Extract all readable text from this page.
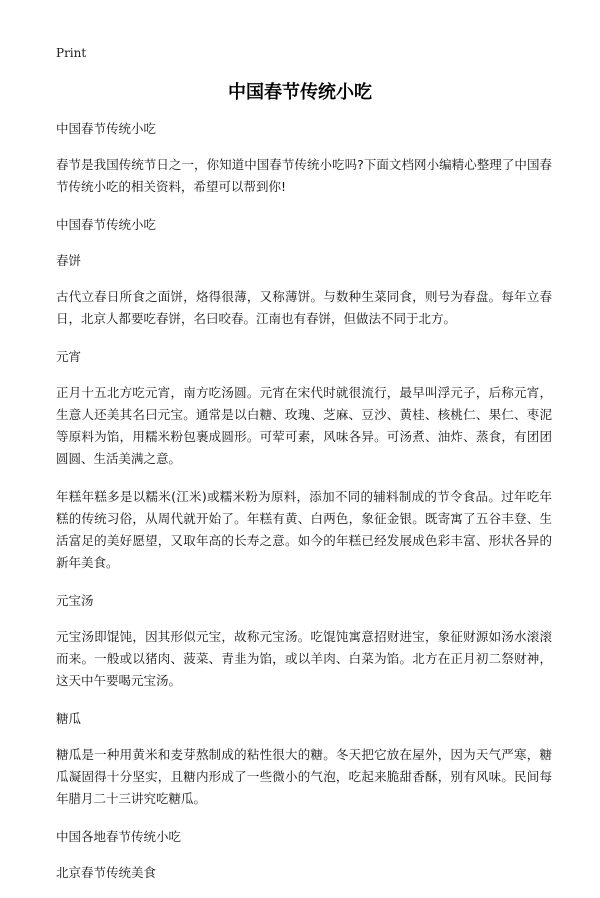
Print
中国春节传统小吃
中国春节传统小吃

春节是我国传统节日之一，你知道中国春节传统小吃吗?下面文档网小编精心整理了中国春节传统小吃的相关资料，希望可以帮到你!

中国春节传统小吃
春饼

古代立春日所食之面饼，烙得很薄，又称薄饼。与数种生菜同食，则号为春盘。每年立春日，北京人都要吃春饼，名曰咬春。江南也有春饼，但做法不同于北方。

元宵

正月十五北方吃元宵，南方吃汤圆。元宵在宋代时就很流行，最早叫浮元子，后称元宵，生意人还美其名曰元宝。通常是以白糖、玫瑰、芝麻、豆沙、黄桂、核桃仁、果仁、枣泥等原料为馅，用糯米粉包裹成圆形。可荤可素，风味各异。可汤煮、油炸、蒸食，有团团圆圆、生活美满之意。

年糕年糕多是以糯米(江米)或糯米粉为原料，添加不同的辅料制成的节令食品。过年吃年糕的传统习俗，从周代就开始了。年糕有黄、白两色，象征金银。既寄寓了五谷丰登、生活富足的美好愿望，又取年高的长寿之意。如今的年糕已经发展成色彩丰富、形状各异的新年美食。

元宝汤

元宝汤即馄饨，因其形似元宝，故称元宝汤。吃馄饨寓意招财进宝，象征财源如汤水滚滚而来。一般或以猪肉、菠菜、青韭为馅，或以羊肉、白菜为馅。北方在正月初二祭财神，这天中午要喝元宝汤。

糖瓜

糖瓜是一种用黄米和麦芽熬制成的粘性很大的糖。冬天把它放在屋外，因为天气严寒，糖瓜凝固得十分坚实，且糖内形成了一些微小的气泡，吃起来脆甜香酥，别有风味。民间每年腊月二十三讲究吃糖瓜。

中国各地春节传统小吃
北京春节传统美食
